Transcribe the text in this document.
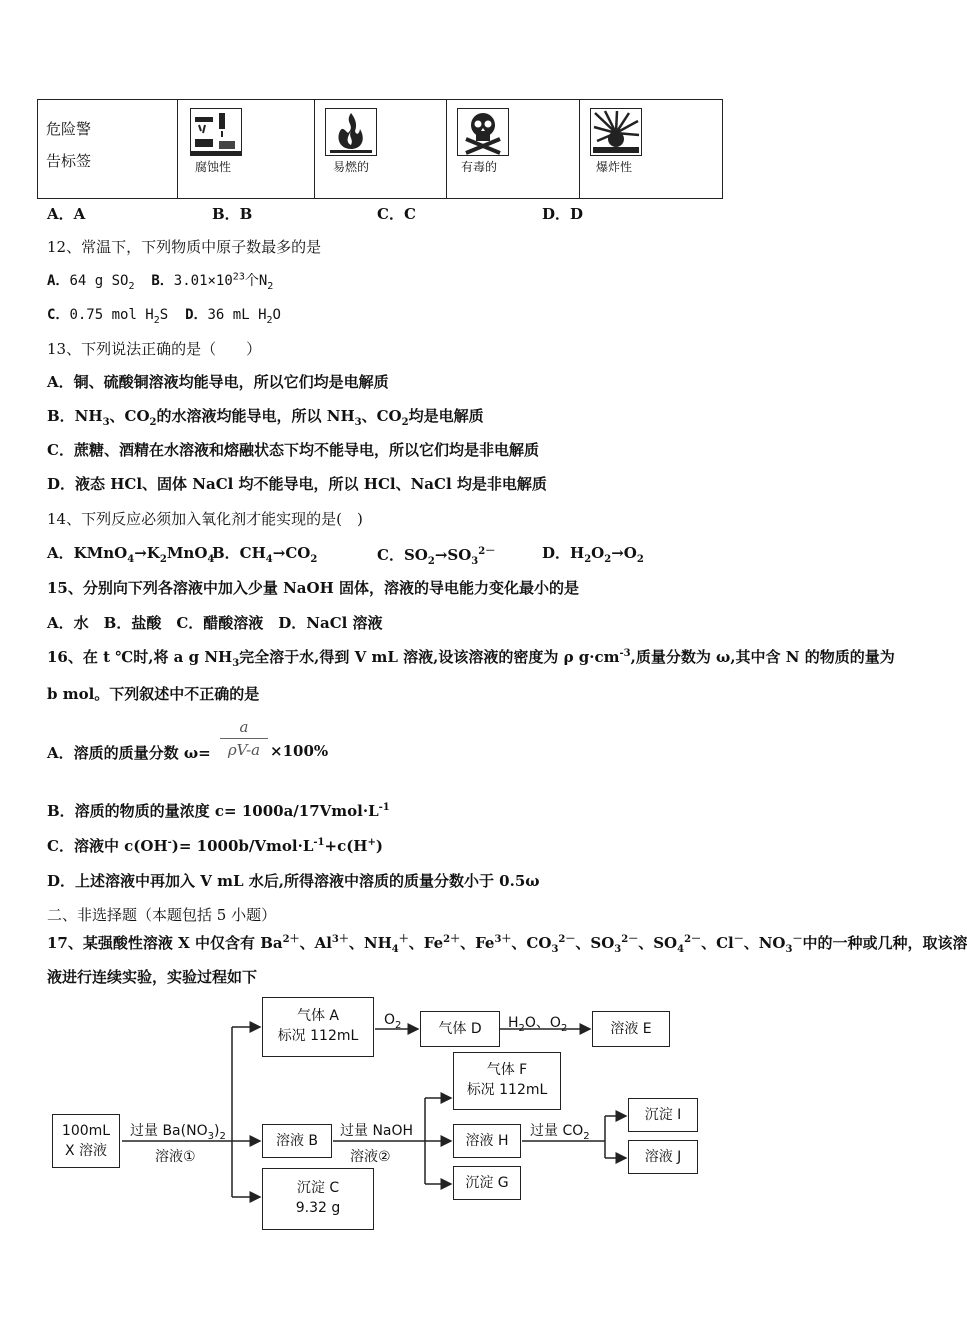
危险警
告标签	腐蚀性	易燃的	有毒的	爆炸性
A．A	B．B	C．C	D．D
12、常温下，下列物质中原子数最多的是
A．64 g $SO_2$ B．$3.01\times 10^{23}$个$N_2$
C．0.75 mol $H_2S$ D．36 mL $H_2O$
13、下列说法正确的是（　　）
A．铜、硫酸铜溶液均能导电，所以它们均是电解质
B．$NH_3$、$CO_2$的水溶液均能导电，所以 $NH_3$、$CO_2$均是电解质
C．蔗糖、酒精在水溶液和熔融状态下均不能导电，所以它们均是非电解质
D．液态 HCl、固体 NaCl 均不能导电，所以 HCl、NaCl 均是非电解质
14、下列反应必须加入氧化剂才能实现的是(　)
A．$KMnO_4\to K_2MnO_4$
B．$CH_4\to CO_2$	C．$SO_2\to SO_3^{2-}$	D．$H_2O_2\to O_2$
15、分别向下列各溶液中加入少量 NaOH 固体，溶液的导电能力变化最小的是
A．水　B．盐酸　C．醋酸溶液　D．NaCl 溶液
16、在 t ℃时,将 a g $NH_3$完全溶于水,得到 V mL 溶液,设该溶液的密度为 ρ $g\cdot cm^{-3}$,质量分数为 ω,其中含 N 的物质的量为
b mol。下列叙述中不正确的是
A．溶质的质量分数 ω=
a
ρV-a ×100%
B．溶质的物质的量浓度 $c= 1000a/17Vmol\cdot L^{-1}$
C．溶液中 $c(OH^-)= 1000b/Vmol\cdot L^{-1}+c(H^+)$
D．上述溶液中再加入 V mL 水后,所得溶液中溶质的质量分数小于 0.5ω
二、非选择题（本题包括 5 小题）
17、某强酸性溶液 X 中仅含有 $Ba^{2+}$、$Al^{3+}$、$NH_4^+$、$Fe^{2+}$、$Fe^{3+}$、$CO_3^{2-}$、$SO_3^{2-}$、$SO_4^{2-}$、Cl－、$NO_3^-$中的一种或几种，取该溶
液进行连续实验，实验过程如下
100mL
X 溶液
过量 $Ba(NO_3)_2$
溶液①
气体 A
标况 112mL
$O_2$	气体 D	$H_2O$、$O_2$	溶液 E
溶液 B
过量 NaOH
溶液②
沉淀 C
9.32 g
气体 F
标况 112mL
溶液 H
过量 $CO_2$
沉淀 G
沉淀 I
溶液 J
